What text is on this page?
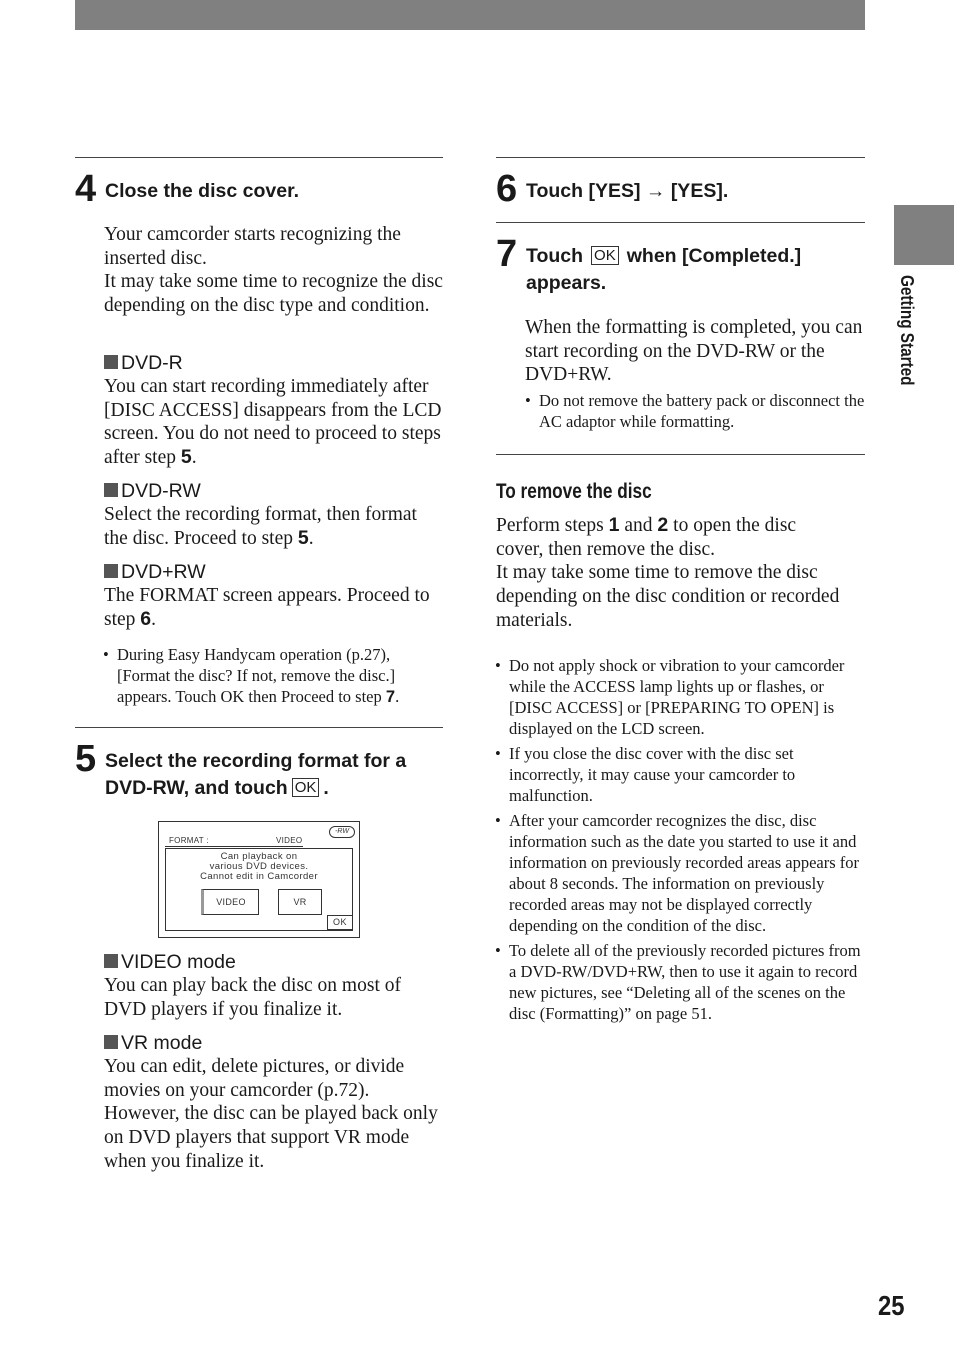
Getting Started
4 Close the disc cover.

Your camcorder starts recognizing the inserted disc.
It may take some time to recognize the disc depending on the disc type and condition.

DVD-R
You can start recording immediately after [DISC ACCESS] disappears from the LCD screen. You do not need to proceed to steps after step 5.
DVD-RW
Select the recording format, then format the disc. Proceed to step 5.
DVD+RW
The FORMAT screen appears. Proceed to step 6.
• During Easy Handycam operation (p.27), [Format the disc? If not, remove the disc.] appears. Touch OK then Proceed to step 7.
5 Select the recording format for a DVD-RW, and touch OK .
-RW
FORMAT :	VIDEO
Can playback on
various DVD devices.
Cannot edit in Camcorder
VIDEO	VR
OK
VIDEO mode
You can play back the disc on most of DVD players if you finalize it.
VR mode
You can edit, delete pictures, or divide movies on your camcorder (p.72). However, the disc can be played back only on DVD players that support VR mode when you finalize it.
6 Touch [YES] → [YES].
7 Touch OK when [Completed.] appears.

When the formatting is completed, you can start recording on the DVD-RW or the DVD+RW.

• Do not remove the battery pack or disconnect the AC adaptor while formatting.
To remove the disc

Perform steps 1 and 2 to open the disc cover, then remove the disc.
It may take some time to remove the disc depending on the disc condition or recorded materials.

• Do not apply shock or vibration to your camcorder while the ACCESS lamp lights up or flashes, or [DISC ACCESS] or [PREPARING TO OPEN] is displayed on the LCD screen.
• If you close the disc cover with the disc set incorrectly, it may cause your camcorder to malfunction.
• After your camcorder recognizes the disc, disc information such as the date you started to use it and information on previously recorded areas appears for about 8 seconds. The information on previously recorded areas may not be displayed correctly depending on the condition of the disc.
• To delete all of the previously recorded pictures from a DVD-RW/DVD+RW, then to use it again to record new pictures, see “Deleting all of the scenes on the disc (Formatting)” on page 51.
25
